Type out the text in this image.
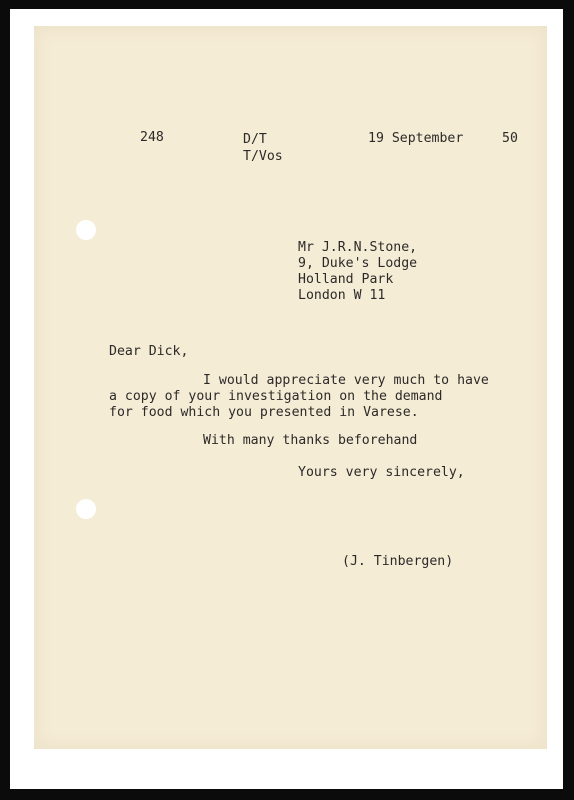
248	D/T
T/Vos
19 September	50
Mr J.R.N.Stone,
9, Duke's Lodge
Holland Park
London W 11
Dear Dick,
I would appreciate very much to have
a copy of your investigation on the demand
for food which you presented in Varese.
With many thanks beforehand
Yours very sincerely,
(J. Tinbergen)
